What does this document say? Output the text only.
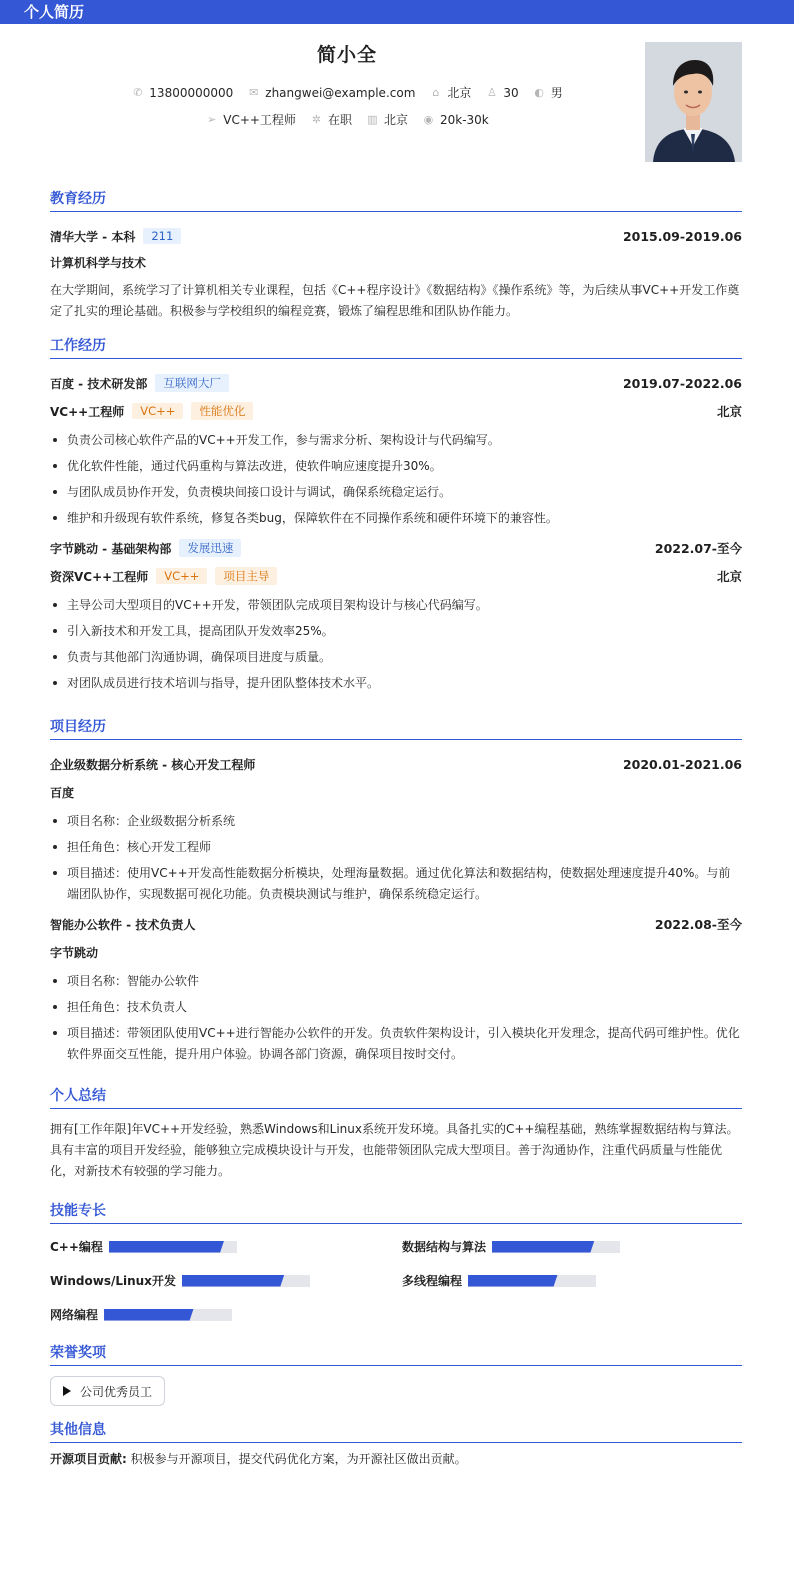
个人简历
简小全
✆ 13800000000 ✉ zhangwei@example.com ⌂ 北京 ♙ 30 ◐ 男
➢ VC++工程师 ✲ 在职 ▥ 北京 ◉ 20k-30k
教育经历
清华大学 - 本科	211	2015.09-2019.06
计算机科学与技术
在大学期间，系统学习了计算机相关专业课程，包括《C++程序设计》《数据结构》《操作系统》等，为后续从事VC++开发工作奠定了扎实的理论基础。积极参与学校组织的编程竞赛，锻炼了编程思维和团队协作能力。
工作经历
百度 - 技术研发部	互联网大厂	2019.07-2022.06
VC++工程师	VC++	性能优化	北京
负责公司核心软件产品的VC++开发工作，参与需求分析、架构设计与代码编写。
优化软件性能，通过代码重构与算法改进，使软件响应速度提升30%。
与团队成员协作开发，负责模块间接口设计与调试，确保系统稳定运行。
维护和升级现有软件系统，修复各类bug，保障软件在不同操作系统和硬件环境下的兼容性。
字节跳动 - 基础架构部	发展迅速	2022.07-至今
资深VC++工程师	VC++	项目主导	北京
主导公司大型项目的VC++开发，带领团队完成项目架构设计与核心代码编写。
引入新技术和开发工具，提高团队开发效率25%。
负责与其他部门沟通协调，确保项目进度与质量。
对团队成员进行技术培训与指导，提升团队整体技术水平。
项目经历
企业级数据分析系统 - 核心开发工程师	2020.01-2021.06
百度
项目名称：企业级数据分析系统
担任角色：核心开发工程师
项目描述：使用VC++开发高性能数据分析模块，处理海量数据。通过优化算法和数据结构，使数据处理速度提升40%。与前端团队协作，实现数据可视化功能。负责模块测试与维护，确保系统稳定运行。
智能办公软件 - 技术负责人	2022.08-至今
字节跳动
项目名称：智能办公软件
担任角色：技术负责人
项目描述：带领团队使用VC++进行智能办公软件的开发。负责软件架构设计，引入模块化开发理念，提高代码可维护性。优化软件界面交互性能，提升用户体验。协调各部门资源，确保项目按时交付。
个人总结
拥有[工作年限]年VC++开发经验，熟悉Windows和Linux系统开发环境。具备扎实的C++编程基础，熟练掌握数据结构与算法。具有丰富的项目开发经验，能够独立完成模块设计与开发，也能带领团队完成大型项目。善于沟通协作，注重代码质量与性能优化，对新技术有较强的学习能力。
技能专长
C++编程	数据结构与算法
Windows/Linux开发	多线程编程
网络编程
荣誉奖项
公司优秀员工
其他信息
开源项目贡献: 积极参与开源项目，提交代码优化方案，为开源社区做出贡献。
